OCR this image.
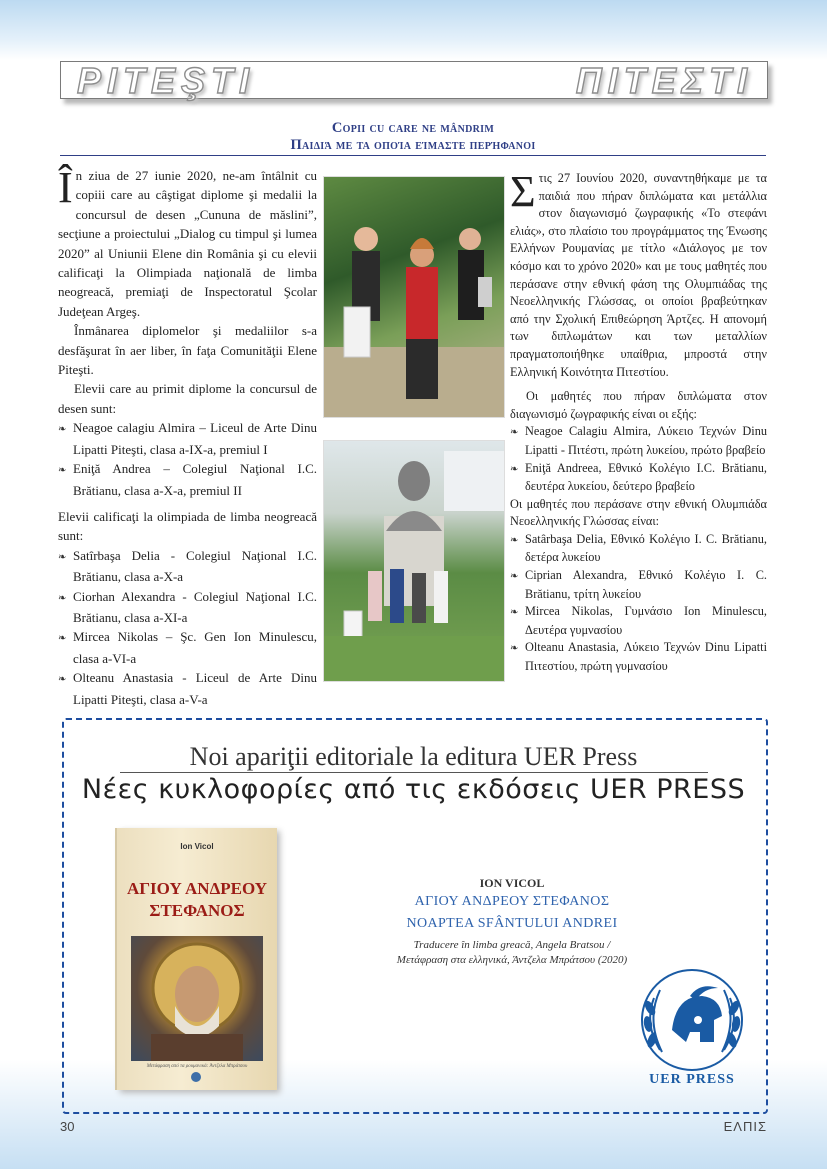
PITEŞTI	ΠΙΤΕΣΤΙ
Copii cu care ne mândrim
Παιδιά με τα οποία είμαστε περήφανοι

În ziua de 27 iunie 2020, ne-am întâlnit cu copiii care au câştigat diplome şi medalii la concursul de desen „Cununa de măslini”, secţiune a proiectului „Dialog cu timpul şi lumea 2020” al Uniunii Elene din România şi cu elevii calificaţi la Olimpiada naţională de limba neogreacă, premiaţi de Inspectoratul Şcolar Judeţean Argeş.

Înmânarea diplomelor şi medaliilor s-a desfăşurat în aer liber, în faţa Comunităţii Elene Piteşti.

Elevii care au primit diplome la concursul de desen sunt:

❧ Neagoe calagiu Almira – Liceul de Arte Dinu Lipatti Piteşti, clasa a-IX-a, premiul I

❧ Eniţă Andrea – Colegiul Naţional I.C. Brătianu, clasa a-X-a, premiul II

Elevii calificaţi la olimpiada de limba neogreacă sunt:

❧ Satîrbaşa Delia - Colegiul Naţional I.C. Brătianu, clasa a-X-a

❧ Ciorhan Alexandra - Colegiul Naţional I.C. Brătianu, clasa a-XI-a

❧ Mircea Nikolas – Şc. Gen Ion Minulescu, clasa a-VI-a

❧ Olteanu Anastasia - Liceul de Arte Dinu Lipatti Piteşti, clasa a-V-a

Στις 27 Ιουνίου 2020, συναντηθήκαμε με τα παιδιά που πήραν διπλώματα και μετάλλια στον διαγωνισμό ζωγραφικής «Το στεφάνι ελιάς», στο πλαίσιο του προγράμματος της Ένωσης Ελλήνων Ρουμανίας με τίτλο «Διάλογος με τον κόσμο και το χρόνο 2020» και με τους μαθητές που περάσανε στην εθνική φάση της Ολυμπιάδας της Νεοελληνικής Γλώσσας, οι οποίοι βραβεύτηκαν από την Σχολική Επιθεώρηση Άρτζες. Η απονομή των διπλωμάτων και των μεταλλίων πραγματοποιήθηκε υπαίθρια, μπροστά στην Ελληνική Κοινότητα Πιτεστίου.

Οι μαθητές που πήραν διπλώματα στον διαγωνισμό ζωγραφικής είναι οι εξής:

❧ Neagoe Calagiu Almira, Λύκειο Τεχνών Dinu Lipatti - Πιτέστι, πρώτη λυκείου, πρώτο βραβείο

❧ Eniţă Andreea, Εθνικό Κολέγιο I.C. Brătianu, δευτέρα λυκείου, δεύτερο βραβείο

Οι μαθητές που περάσανε στην εθνική Ολυμπιάδα Νεοελληνικής Γλώσσας είναι:

❧ Satârbaşa Delia, Εθνικό Κολέγιο I. C. Brătianu, δετέρα λυκείου

❧ Ciprian Alexandra, Εθνικό Κολέγιο I. C. Brătianu, τρίτη λυκείου

❧ Mircea Nikolas, Γυμνάσιο Ion Minulescu, Δευτέρα γυμνασίου

❧ Olteanu Anastasia, Λύκειο Τεχνών Dinu Lipatti Πιτεστίου, πρώτη γυμνασίου

Noi apariţii editoriale la editura UER Press
Νέες κυκλοφορίες από τις εκδόσεις UER PRESS
Ion Vicol
ΑΓΙΟΥ ΑΝΔΡΕΟΥ
ΣΤΕΦΑΝΟΣ
Μετάφραση από τα ρουμανικά: Άντζελα Μπράτσου
ION VICOL
ΑΓΙΟΥ ΑΝΔΡΕΟΥ ΣΤΕΦΑΝΟΣ
NOAPTEA SFÂNTULUI ANDREI
Traducere în limba greacă, Angela Bratsou /
Μετάφραση στα ελληνικά, Άντζελα Μπράτσου (2020)
UER PRESS
30	ΕΛΠΙΣ
